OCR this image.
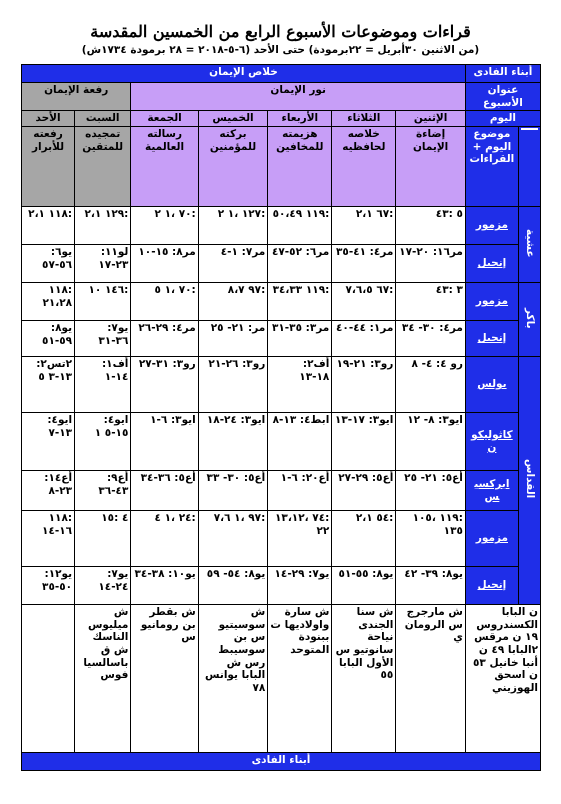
قراءات وموضوعات الأسبوع الرابع من الخمسين المقدسة
(من الاثنين ٣٠أبريل = ٢٢برمودة) حتى الأحد (٦-٥-٢٠١٨ = ٢٨ برمودة ١٧٣٤ش)
أبناء الفادى		خلاص الإيمان						
عنوان الأسبوع		نور الإيمان					رفعة الإيمان	
اليوم		الإثنين	الثلاثاء	الأربعاء	الخميس	الجمعة	السبت	الأحد

	موضوع اليوم + القراءات	إضاءة الإيمان	خلاصه لحافظيه	هزيمته للمخافين	بركته للمؤمنين	رسالته العالمية	تمجيده للمتقين	رفعته للأبرار
عشية	مزمور	٥ :٤٣	:٦٧ ٢،١	:١١٩ ٥٠،٤٩	:١٢٧ ،١ ٢	:٧٠ ،١ ٢	:١٢٩ ٢،١	:١١٨ ٢،١
	إنجيل	مر١٦: ٢٠-١٧	مر٤: ٤١-٣٥	مر٦: ٥٢-٤٧	مر٧: ١-٤	مر٨: ١٥-١٠	لو١١: ٢٣-١٧	يو٦: ٥٦-٥٧
باكر	مزمور	٣ :٤٣	:٦٧ ٧،٦،٥	:١١٩ ٣٤،٣٣	:٩٧ ٨،٧	:٧٠ ،١ ٥	:١٤٦ ١٠	:١١٨ ٢١،٢٨
	إنجيل	مر٤: ٣٠- ٣٤	مر١: ٤٤-٤٠	مر٣: ٣٥-٣١	مر: ٢١- ٢٥	مر٤: ٢٩-٢٦	يو٧: ٣٦-٣١	يو٨: ٥٩-٥١
القداس	بولس	رو ٤: ٤- ٨	رو٣: ٢١-١٩	أف٢: ١٨-١٣	رو٣: ٢٦-٢١	رو٣: ٣١-٢٧	أف١: ١٤-١	٢تس٢: ١٣-٣ ٥
	كاثوليكون	ايو٣: ٨- ١٢	ايو٣: ١٧-١٣	ابط٤: ١٣-٨	ايو٣: ٢٤-١٨	ايو٣: ٦-١	ايو٤: ١٥-٥ ١	ايو٤: ١٣-٧
	ابركسيس	أع٥: ٢١- ٢٥	أع٥: ٢٩-٢٧	أع٢٠: ٦-١	أع٥: ٣٠- ٣٣	أع٥: ٣٦-٣٤	أع٩: ٤٣-٣٦	أع١٤: ٢٣-٨
	مزمور	:١١٩ ،١٠٥ ١٣٥	:٥٤ ٢،١	:٧٤ ،١٣،١٢ ٢٢	:٩٧ ،١ ٧،٦	:٢٤ ،١ ٤	٤ :١٥	:١١٨ ١٦-١٤
	إنجيل	يو٨: ٣٩- ٤٢	يو٨: ٥٥-٥١	يو٧: ٢٩-١٤	يو٨: ٥٤- ٥٩	يو١٠: ٣٨-٣٤	يو٧: ٢٤-١٤	يو١٢: ٥٠-٣٥
ن البابا الكسندروس ١٩ ن مرقس ٢البابا ٤٩ ن أنبا خانيل ٥٣ ن اسحق الهوزيني		ش مارجرج س الرومان ي	ش سنا الجندى نياحة سانوتيو س الأول البابا ٥٥	ش سارة واولاديها ت ببنودة المتوحد	ش سوسيتيو س بن سوسيبط رس ش البابا يوانس ٧٨	ش بقطر بن رومانيو س	ش ميليوس الناسك ش ق باسالسيا فوس	
أبناء الفادى								
